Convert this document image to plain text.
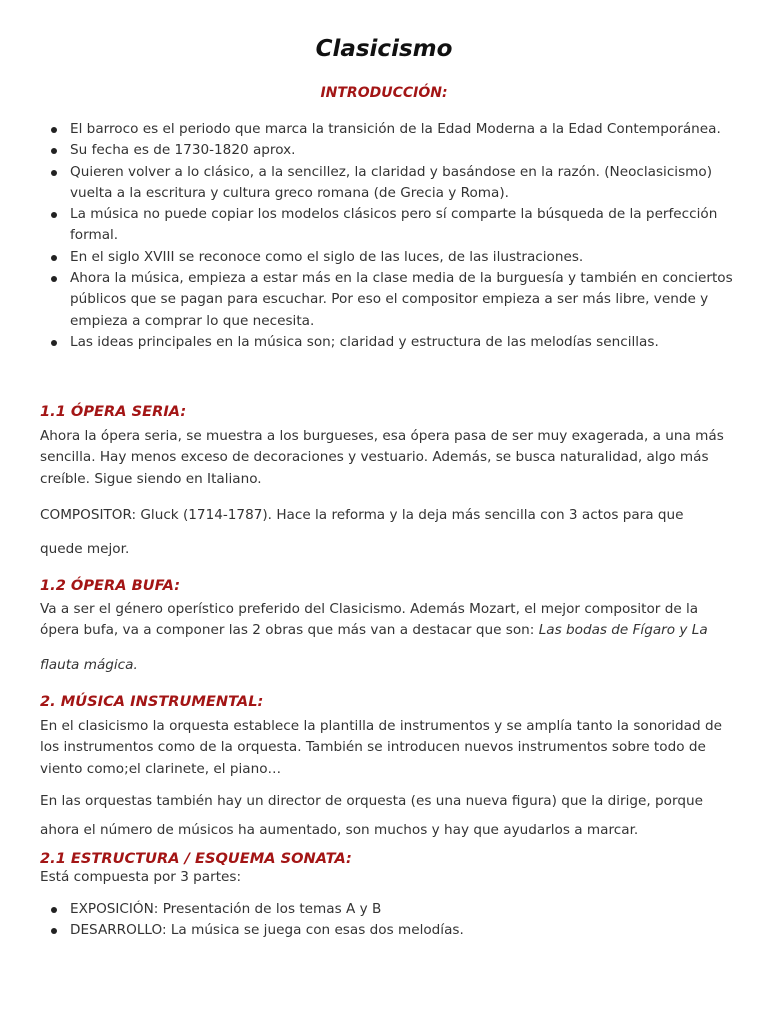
Clasicismo
INTRODUCCIÓN:
El barroco es el periodo que marca la transición de la Edad Moderna a la Edad Contemporánea.
Su fecha es de 1730-1820 aprox.
Quieren volver a lo clásico, a la sencillez, la claridad y basándose en la razón. (Neoclasicismo) vuelta a la escritura y cultura greco romana (de Grecia y Roma).
La música no puede copiar los modelos clásicos pero sí comparte la búsqueda de la perfección formal.
En el siglo XVIII se reconoce como el siglo de las luces, de las ilustraciones.
Ahora la música, empieza a estar más en la clase media de la burguesía y también en conciertos públicos que se pagan para escuchar. Por eso el compositor empieza a ser más libre, vende y empieza a comprar lo que necesita.
Las ideas principales en la música son; claridad y estructura de las melodías sencillas.
1.1 ÓPERA SERIA:

Ahora la ópera seria, se muestra a los burgueses, esa ópera pasa de ser muy exagerada, a una más sencilla. Hay menos exceso de decoraciones y vestuario. Además, se busca naturalidad, algo más creíble. Sigue siendo en Italiano.

COMPOSITOR: Gluck (1714-1787). Hace la reforma y la deja más sencilla con 3 actos para que

quede mejor.

1.2 ÓPERA BUFA:

Va a ser el género operístico preferido del Clasicismo. Además Mozart, el mejor compositor de la ópera bufa, va a componer las 2 obras que más van a destacar que son: Las bodas de Fígaro y La

flauta mágica.

2. MÚSICA INSTRUMENTAL:

En el clasicismo la orquesta establece la plantilla de instrumentos y se amplía tanto la sonoridad de los instrumentos como de la orquesta. También se introducen nuevos instrumentos sobre todo de viento como;el clarinete, el piano…

En las orquestas también hay un director de orquesta (es una nueva figura) que la dirige, porque

ahora el número de músicos ha aumentado, son muchos y hay que ayudarlos a marcar.

2.1 ESTRUCTURA / ESQUEMA SONATA:

Está compuesta por 3 partes:

EXPOSICIÓN: Presentación de los temas A y B
DESARROLLO: La música se juega con esas dos melodías.
